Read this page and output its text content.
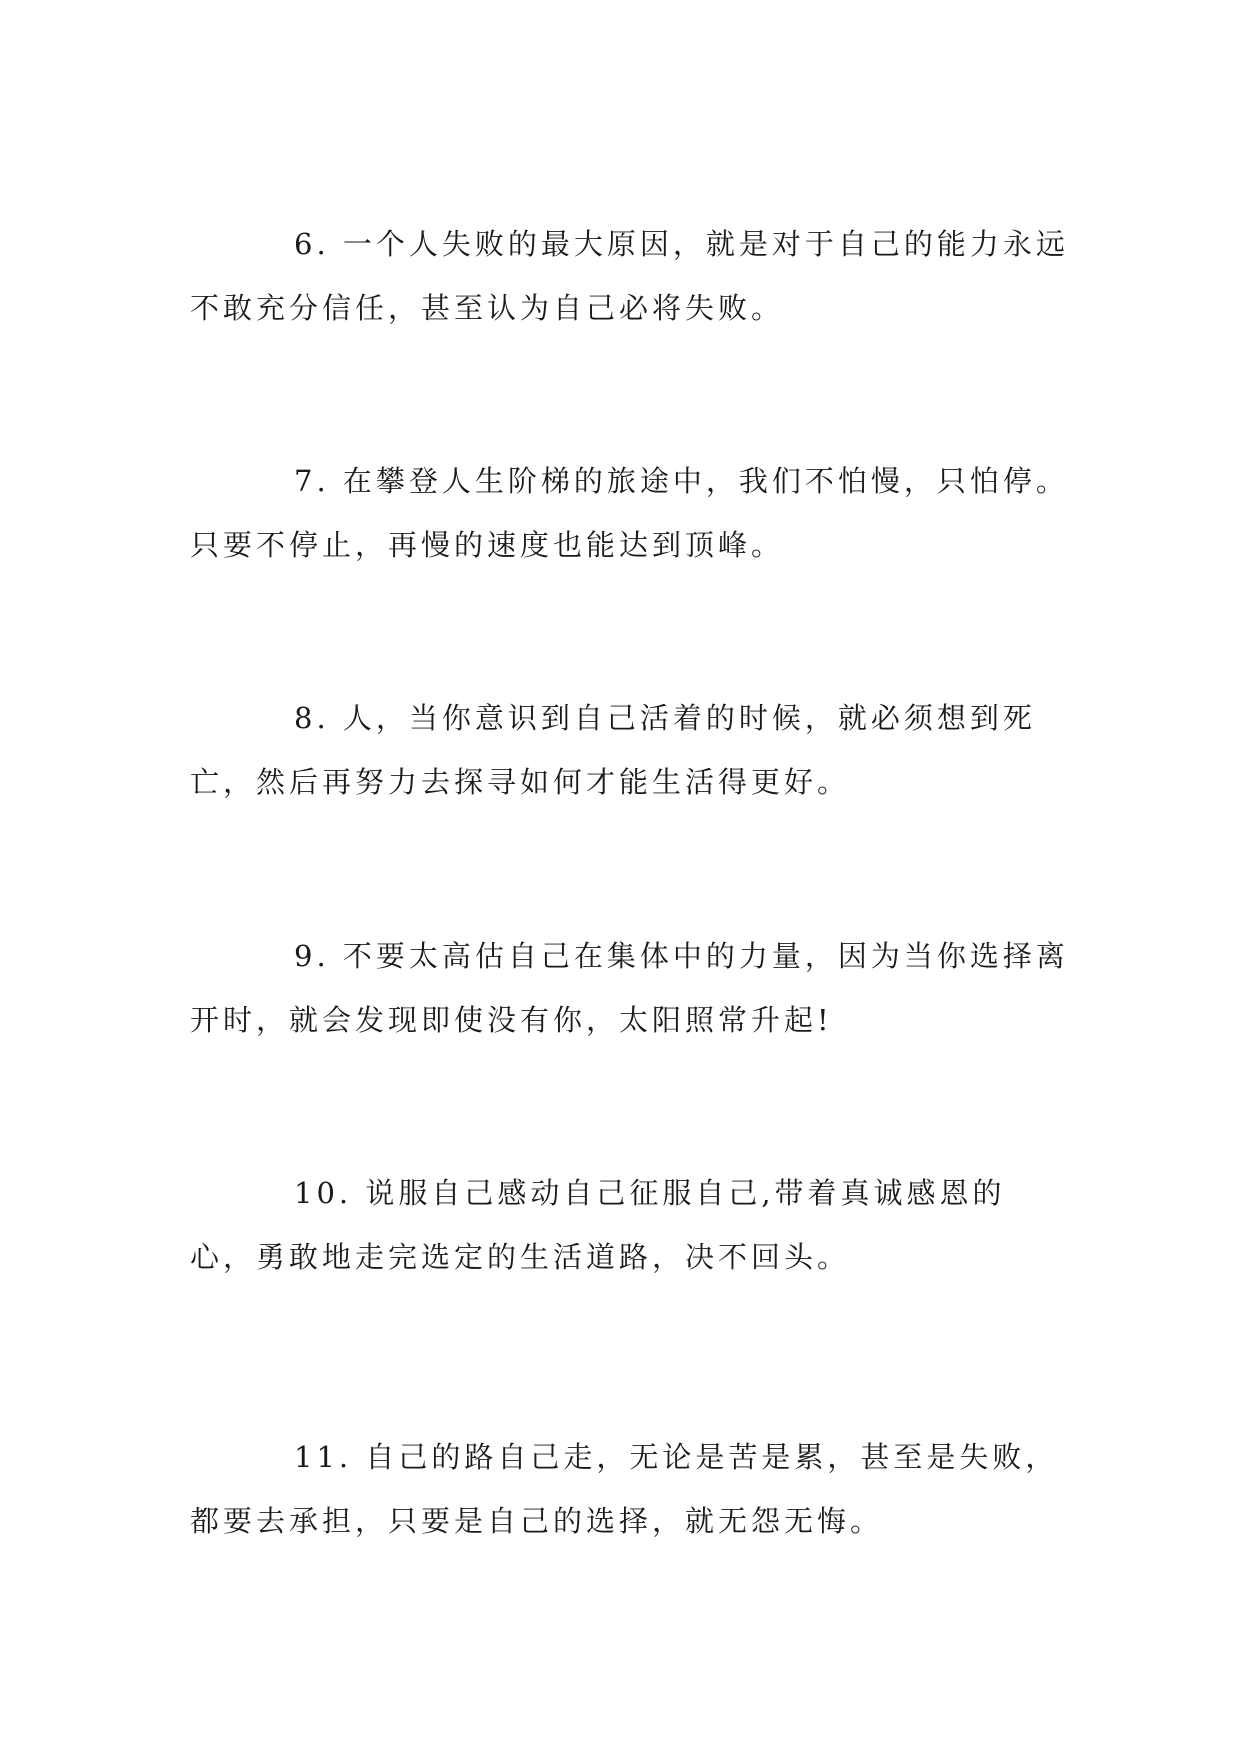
6. 一个人失败的最大原因，就是对于自己的能力永远不敢充分信任，甚至认为自己必将失败。

7. 在攀登人生阶梯的旅途中，我们不怕慢，只怕停。只要不停止，再慢的速度也能达到顶峰。

8. 人，当你意识到自己活着的时候，就必须想到死亡，然后再努力去探寻如何才能生活得更好。

9. 不要太高估自己在集体中的力量，因为当你选择离开时，就会发现即使没有你，太阳照常升起!

10. 说服自己感动自己征服自己,带着真诚感恩的心，勇敢地走完选定的生活道路，决不回头。

11. 自己的路自己走，无论是苦是累，甚至是失败，都要去承担，只要是自己的选择，就无怨无悔。
